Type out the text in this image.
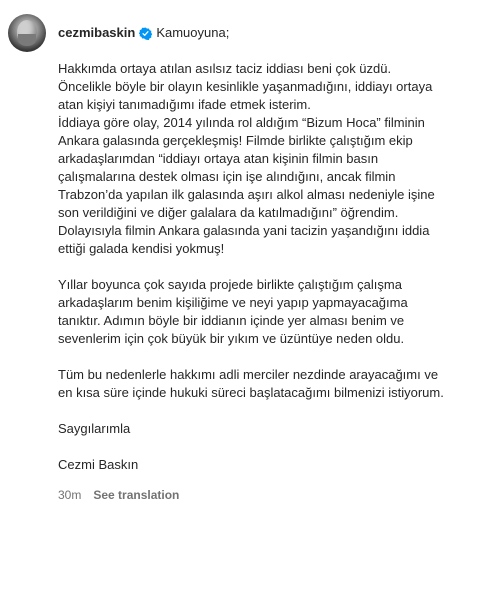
cezmibaskin Kamuoyuna;
Hakkımda ortaya atılan asılsız taciz iddiası beni çok üzdü.
Öncelikle böyle bir olayın kesinlikle yaşanmadığını, iddiayı ortaya
atan kişiyi tanımadığımı ifade etmek isterim.
İddiaya göre olay, 2014 yılında rol aldığım “Bizum Hoca” filminin
Ankara galasında gerçekleşmiş! Filmde birlikte çalıştığım ekip
arkadaşlarımdan “iddiayı ortaya atan kişinin filmin basın
çalışmalarına destek olması için işe alındığını, ancak filmin
Trabzon’da yapılan ilk galasında aşırı alkol alması nedeniyle işine
son verildiğini ve diğer galalara da katılmadığını” öğrendim.
Dolayısıyla filmin Ankara galasında yani tacizin yaşandığını iddia
ettiği galada kendisi yokmuş!
Yıllar boyunca çok sayıda projede birlikte çalıştığım çalışma
arkadaşlarım benim kişiliğime ve neyi yapıp yapmayacağıma
tanıktır. Adımın böyle bir iddianın içinde yer alması benim ve
sevenlerim için çok büyük bir yıkım ve üzüntüye neden oldu.
Tüm bu nedenlerle hakkımı adli merciler nezdinde arayacağımı ve
en kısa süre içinde hukuki süreci başlatacağımı bilmenizi istiyorum.
Saygılarımla
Cezmi Baskın
30m See translation
